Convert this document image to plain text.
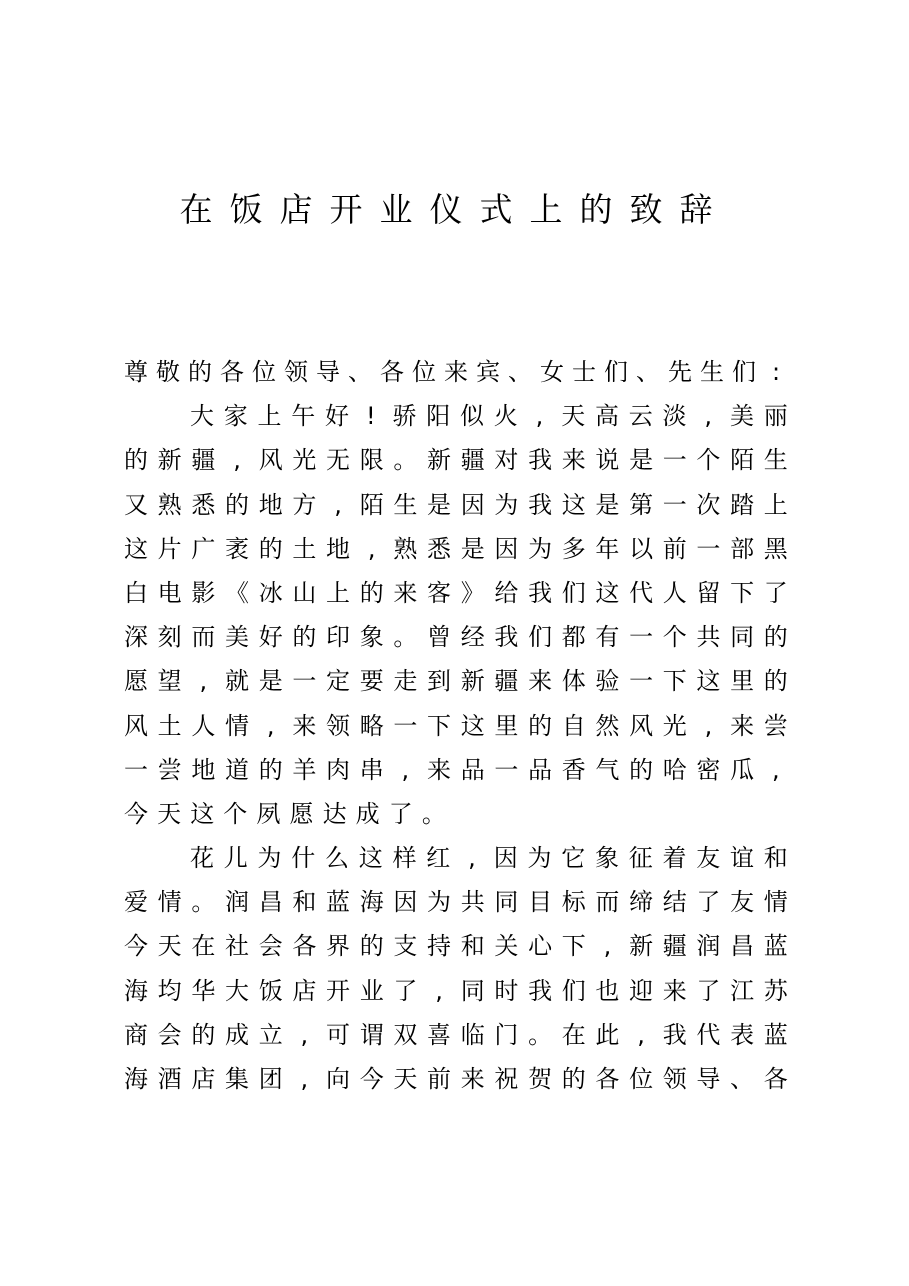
在饭店开业仪式上的致辞
尊 敬 的 各 位 领 导 、 各 位 来 宾 、 女 士 们 、 先 生 们 :
大 家 上 午 好 ! 骄 阳 似 火 , 天 高 云 淡 , 美 丽
的 新 疆 , 风 光 无 限 。 新 疆 对 我 来 说 是 一 个 陌 生
又 熟 悉 的 地 方 , 陌 生 是 因 为 我 这 是 第 一 次 踏 上
这 片 广 袤 的 土 地 , 熟 悉 是 因 为 多 年 以 前 一 部 黑
白 电 影 《 冰 山 上 的 来 客 》 给 我 们 这 代 人 留 下 了
深 刻 而 美 好 的 印 象 。 曾 经 我 们 都 有 一 个 共 同 的
愿 望 , 就 是 一 定 要 走 到 新 疆 来 体 验 一 下 这 里 的
风 土 人 情 , 来 领 略 一 下 这 里 的 自 然 风 光 , 来 尝
一 尝 地 道 的 羊 肉 串 , 来 品 一 品 香 气 的 哈 密 瓜 ,
今 天 这 个 夙 愿 达 成 了 。
花 儿 为 什 么 这 样 红 , 因 为 它 象 征 着 友 谊 和
爱 情 。 润 昌 和 蓝 海 因 为 共 同 目 标 而 缔 结 了 友 情
今 天 在 社 会 各 界 的 支 持 和 关 心 下 , 新 疆 润 昌 蓝
海 均 华 大 饭 店 开 业 了 , 同 时 我 们 也 迎 来 了 江 苏
商 会 的 成 立 , 可 谓 双 喜 临 门 。 在 此 , 我 代 表 蓝
海 酒 店 集 团 , 向 今 天 前 来 祝 贺 的 各 位 领 导 、 各
